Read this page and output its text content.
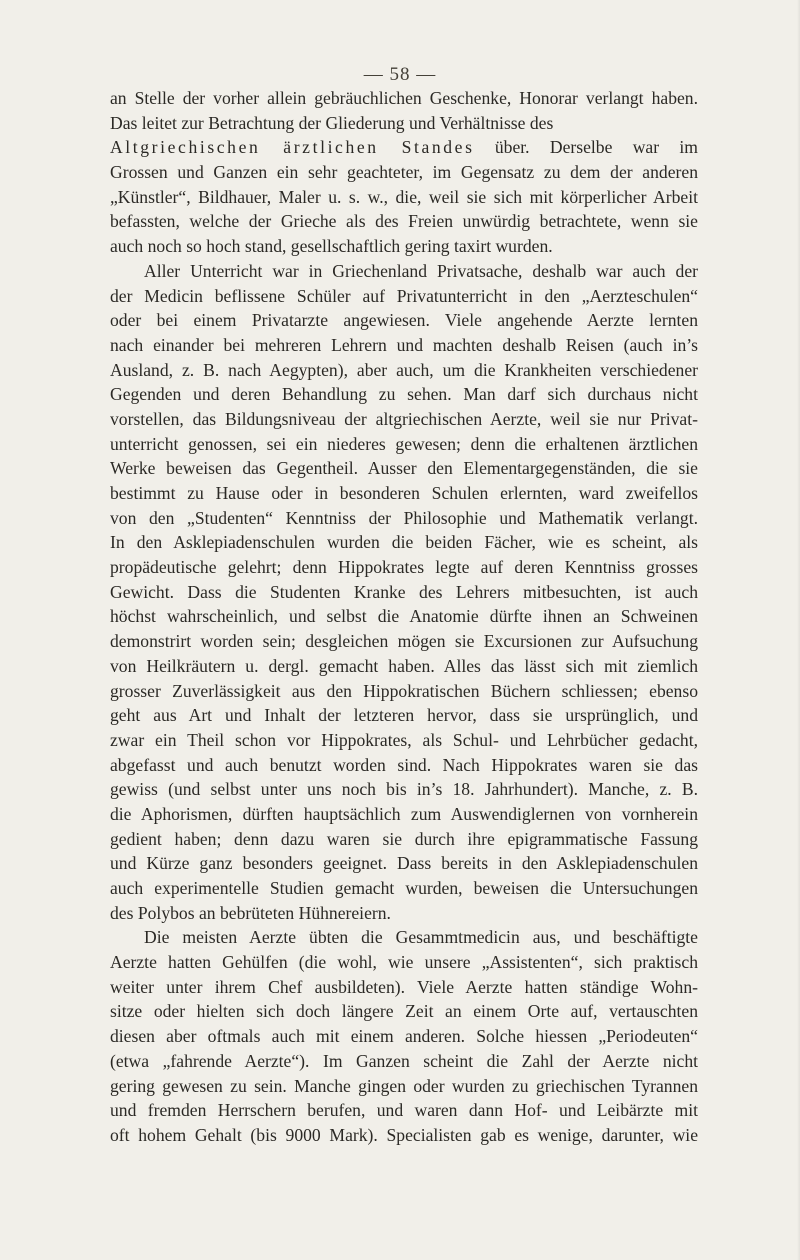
— 58 —
an Stelle der vorher allein gebräuchlichen Geschenke, Honorar verlangt haben.
Das leitet zur Betrachtung der Gliederung und Verhältnisse des
Altgriechischen ärztlichen Standes über. Derselbe war im
Grossen und Ganzen ein sehr geachteter, im Gegensatz zu dem der anderen
„Künstler“, Bildhauer, Maler u. s. w., die, weil sie sich mit körperlicher Arbeit
befassten, welche der Grieche als des Freien unwürdig betrachtete, wenn sie
auch noch so hoch stand, gesellschaftlich gering taxirt wurden.
Aller Unterricht war in Griechenland Privatsache, deshalb war auch der
der Medicin beflissene Schüler auf Privatunterricht in den „Aerzteschulen“
oder bei einem Privatarzte angewiesen. Viele angehende Aerzte lernten
nach einander bei mehreren Lehrern und machten deshalb Reisen (auch in’s
Ausland, z. B. nach Aegypten), aber auch, um die Krankheiten verschiedener
Gegenden und deren Behandlung zu sehen. Man darf sich durchaus nicht
vorstellen, das Bildungsniveau der altgriechischen Aerzte, weil sie nur Privat-
unterricht genossen, sei ein niederes gewesen; denn die erhaltenen ärztlichen
Werke beweisen das Gegentheil. Ausser den Elementargegenständen, die sie
bestimmt zu Hause oder in besonderen Schulen erlernten, ward zweifellos
von den „Studenten“ Kenntniss der Philosophie und Mathematik verlangt.
In den Asklepiadenschulen wurden die beiden Fächer, wie es scheint, als
propädeutische gelehrt; denn Hippokrates legte auf deren Kenntniss grosses
Gewicht. Dass die Studenten Kranke des Lehrers mitbesuchten, ist auch
höchst wahrscheinlich, und selbst die Anatomie dürfte ihnen an Schweinen
demonstrirt worden sein; desgleichen mögen sie Excursionen zur Aufsuchung
von Heilkräutern u. dergl. gemacht haben. Alles das lässt sich mit ziemlich
grosser Zuverlässigkeit aus den Hippokratischen Büchern schliessen; ebenso
geht aus Art und Inhalt der letzteren hervor, dass sie ursprünglich, und
zwar ein Theil schon vor Hippokrates, als Schul- und Lehrbücher gedacht,
abgefasst und auch benutzt worden sind. Nach Hippokrates waren sie das
gewiss (und selbst unter uns noch bis in’s 18. Jahrhundert). Manche, z. B.
die Aphorismen, dürften hauptsächlich zum Auswendiglernen von vornherein
gedient haben; denn dazu waren sie durch ihre epigrammatische Fassung
und Kürze ganz besonders geeignet. Dass bereits in den Asklepiadenschulen
auch experimentelle Studien gemacht wurden, beweisen die Untersuchungen
des Polybos an bebrüteten Hühnereiern.
Die meisten Aerzte übten die Gesammtmedicin aus, und beschäftigte
Aerzte hatten Gehülfen (die wohl, wie unsere „Assistenten“, sich praktisch
weiter unter ihrem Chef ausbildeten). Viele Aerzte hatten ständige Wohn-
sitze oder hielten sich doch längere Zeit an einem Orte auf, vertauschten
diesen aber oftmals auch mit einem anderen. Solche hiessen „Periodeuten“
(etwa „fahrende Aerzte“). Im Ganzen scheint die Zahl der Aerzte nicht
gering gewesen zu sein. Manche gingen oder wurden zu griechischen Tyrannen
und fremden Herrschern berufen, und waren dann Hof- und Leibärzte mit
oft hohem Gehalt (bis 9000 Mark). Specialisten gab es wenige, darunter, wie
